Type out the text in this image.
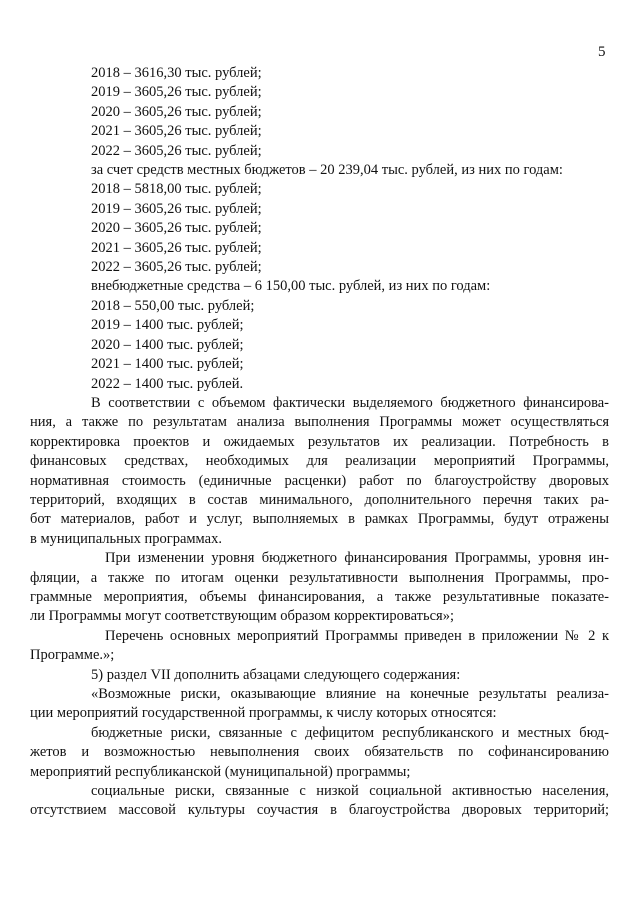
5
2018 – 3616,30 тыс. рублей;
2019 – 3605,26 тыс. рублей;
2020 – 3605,26 тыс. рублей;
2021 – 3605,26 тыс. рублей;
2022 – 3605,26 тыс. рублей;
за счет средств местных бюджетов – 20 239,04 тыс. рублей, из них по годам:
2018 – 5818,00 тыс. рублей;
2019 – 3605,26 тыс. рублей;
2020 – 3605,26 тыс. рублей;
2021 – 3605,26 тыс. рублей;
2022 – 3605,26 тыс. рублей;
внебюджетные средства – 6 150,00 тыс. рублей, из них по годам:
2018 – 550,00 тыс. рублей;
2019 – 1400 тыс. рублей;
2020 – 1400 тыс. рублей;
2021 – 1400 тыс. рублей;
2022 – 1400 тыс. рублей.
В соответствии с объемом фактически выделяемого бюджетного финансирова-
ния, а также по результатам анализа выполнения Программы может осуществляться
корректировка проектов и ожидаемых результатов их реализации. Потребность в
финансовых средствах, необходимых для реализации мероприятий Программы,
нормативная стоимость (единичные расценки) работ по благоустройству дворовых
территорий, входящих в состав минимального, дополнительного перечня таких ра-
бот материалов, работ и услуг, выполняемых в рамках Программы, будут отражены
в муниципальных программах.
При изменении уровня бюджетного финансирования Программы, уровня ин-
фляции, а также по итогам оценки результативности выполнения Программы, про-
граммные мероприятия, объемы финансирования, а также результативные показате-
ли Программы могут соответствующим образом корректироваться»;
Перечень основных мероприятий Программы приведен в приложении № 2 к
Программе.»;
5) раздел VII дополнить абзацами следующего содержания:
«Возможные риски, оказывающие влияние на конечные результаты реализа-
ции мероприятий государственной программы, к числу которых относятся:
бюджетные риски, связанные с дефицитом республиканского и местных бюд-
жетов и возможностью невыполнения своих обязательств по софинансированию
мероприятий республиканской (муниципальной) программы;
социальные риски, связанные с низкой социальной активностью населения,
отсутствием массовой культуры соучастия в благоустройства дворовых территорий;
